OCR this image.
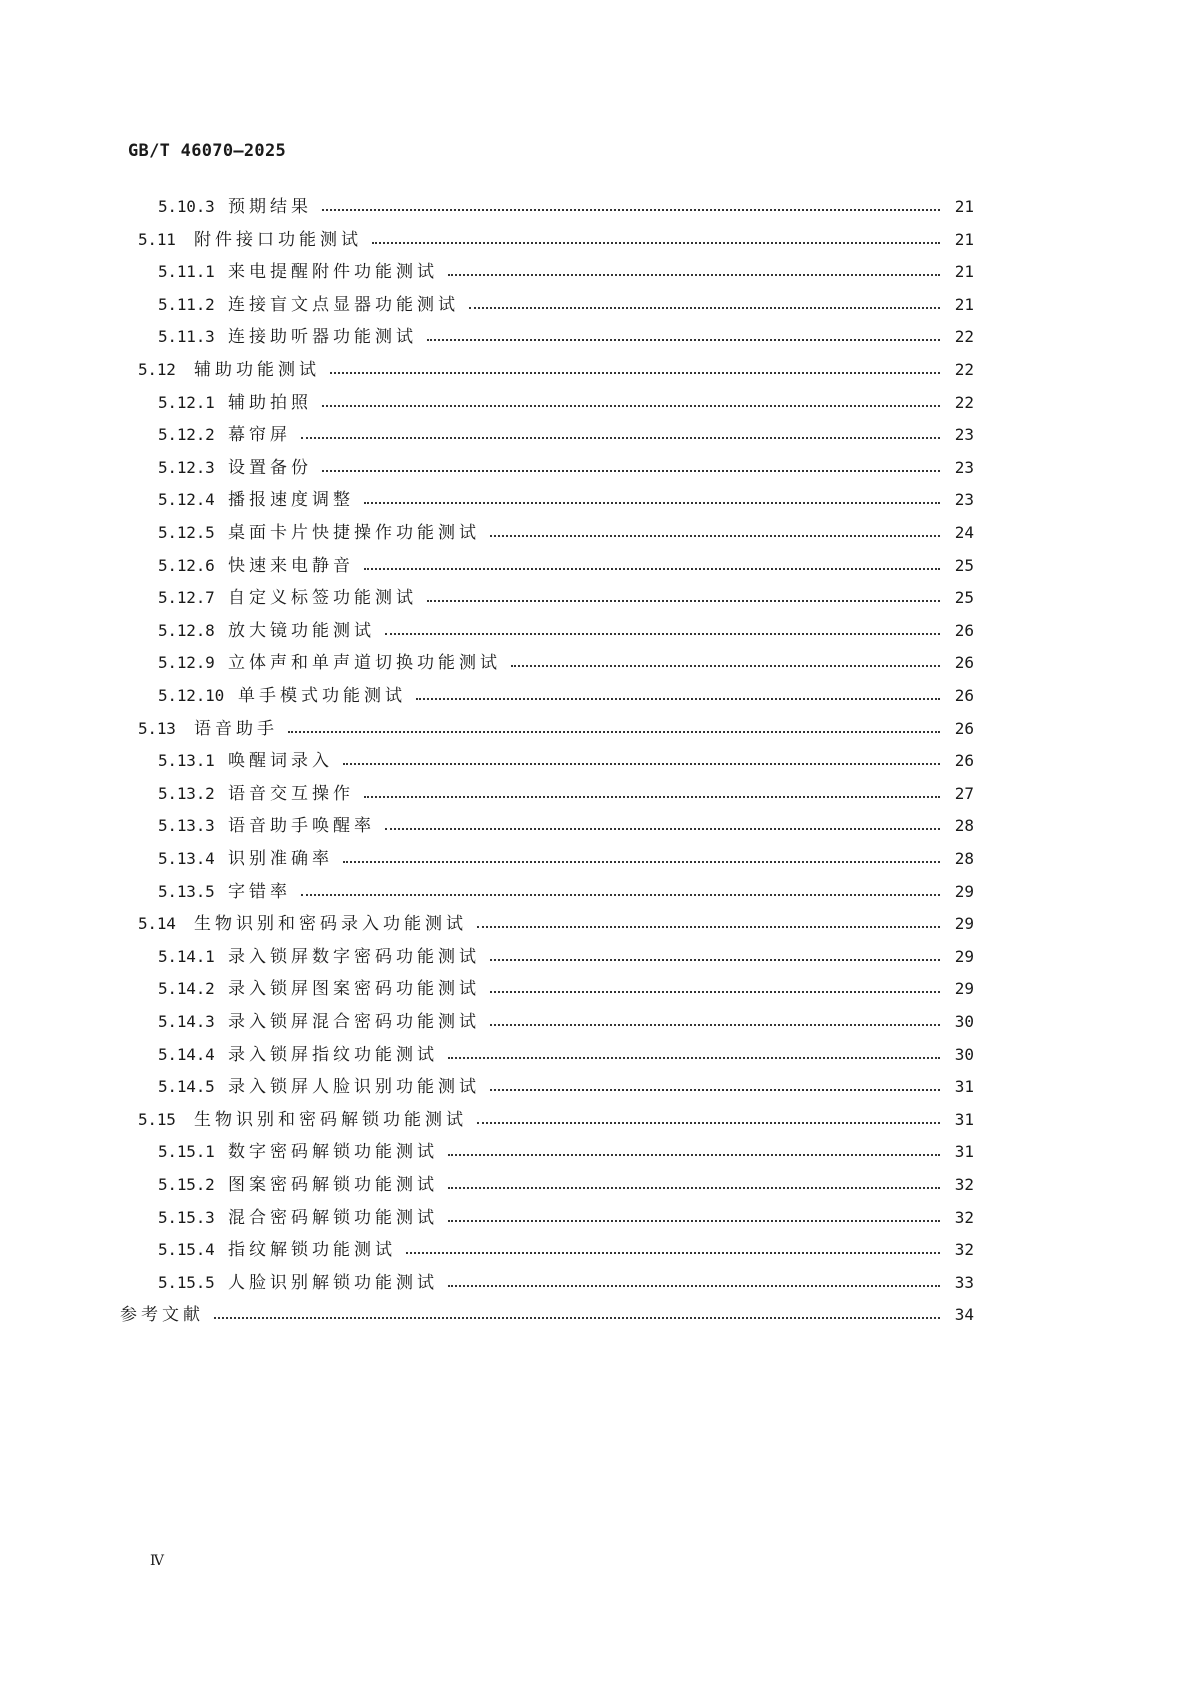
GB/T 46070—2025
5.10.3 预期结果	21
5.11	附件接口功能测试	21
5.11.1 来电提醒附件功能测试	21
5.11.2 连接盲文点显器功能测试	21
5.11.3 连接助听器功能测试	22
5.12	辅助功能测试	22
5.12.1 辅助拍照	22
5.12.2 幕帘屏	23
5.12.3 设置备份	23
5.12.4 播报速度调整	23
5.12.5 桌面卡片快捷操作功能测试	24
5.12.6 快速来电静音	25
5.12.7 自定义标签功能测试	25
5.12.8 放大镜功能测试	26
5.12.9 立体声和单声道切换功能测试	26
5.12.10 单手模式功能测试	26
5.13	语音助手	26
5.13.1 唤醒词录入	26
5.13.2 语音交互操作	27
5.13.3 语音助手唤醒率	28
5.13.4 识别准确率	28
5.13.5 字错率	29
5.14	生物识别和密码录入功能测试	29
5.14.1 录入锁屏数字密码功能测试	29
5.14.2 录入锁屏图案密码功能测试	29
5.14.3 录入锁屏混合密码功能测试	30
5.14.4 录入锁屏指纹功能测试	30
5.14.5 录入锁屏人脸识别功能测试	31
5.15	生物识别和密码解锁功能测试	31
5.15.1 数字密码解锁功能测试	31
5.15.2 图案密码解锁功能测试	32
5.15.3 混合密码解锁功能测试	32
5.15.4 指纹解锁功能测试	32
5.15.5 人脸识别解锁功能测试	33
参考文献	34
Ⅳ
